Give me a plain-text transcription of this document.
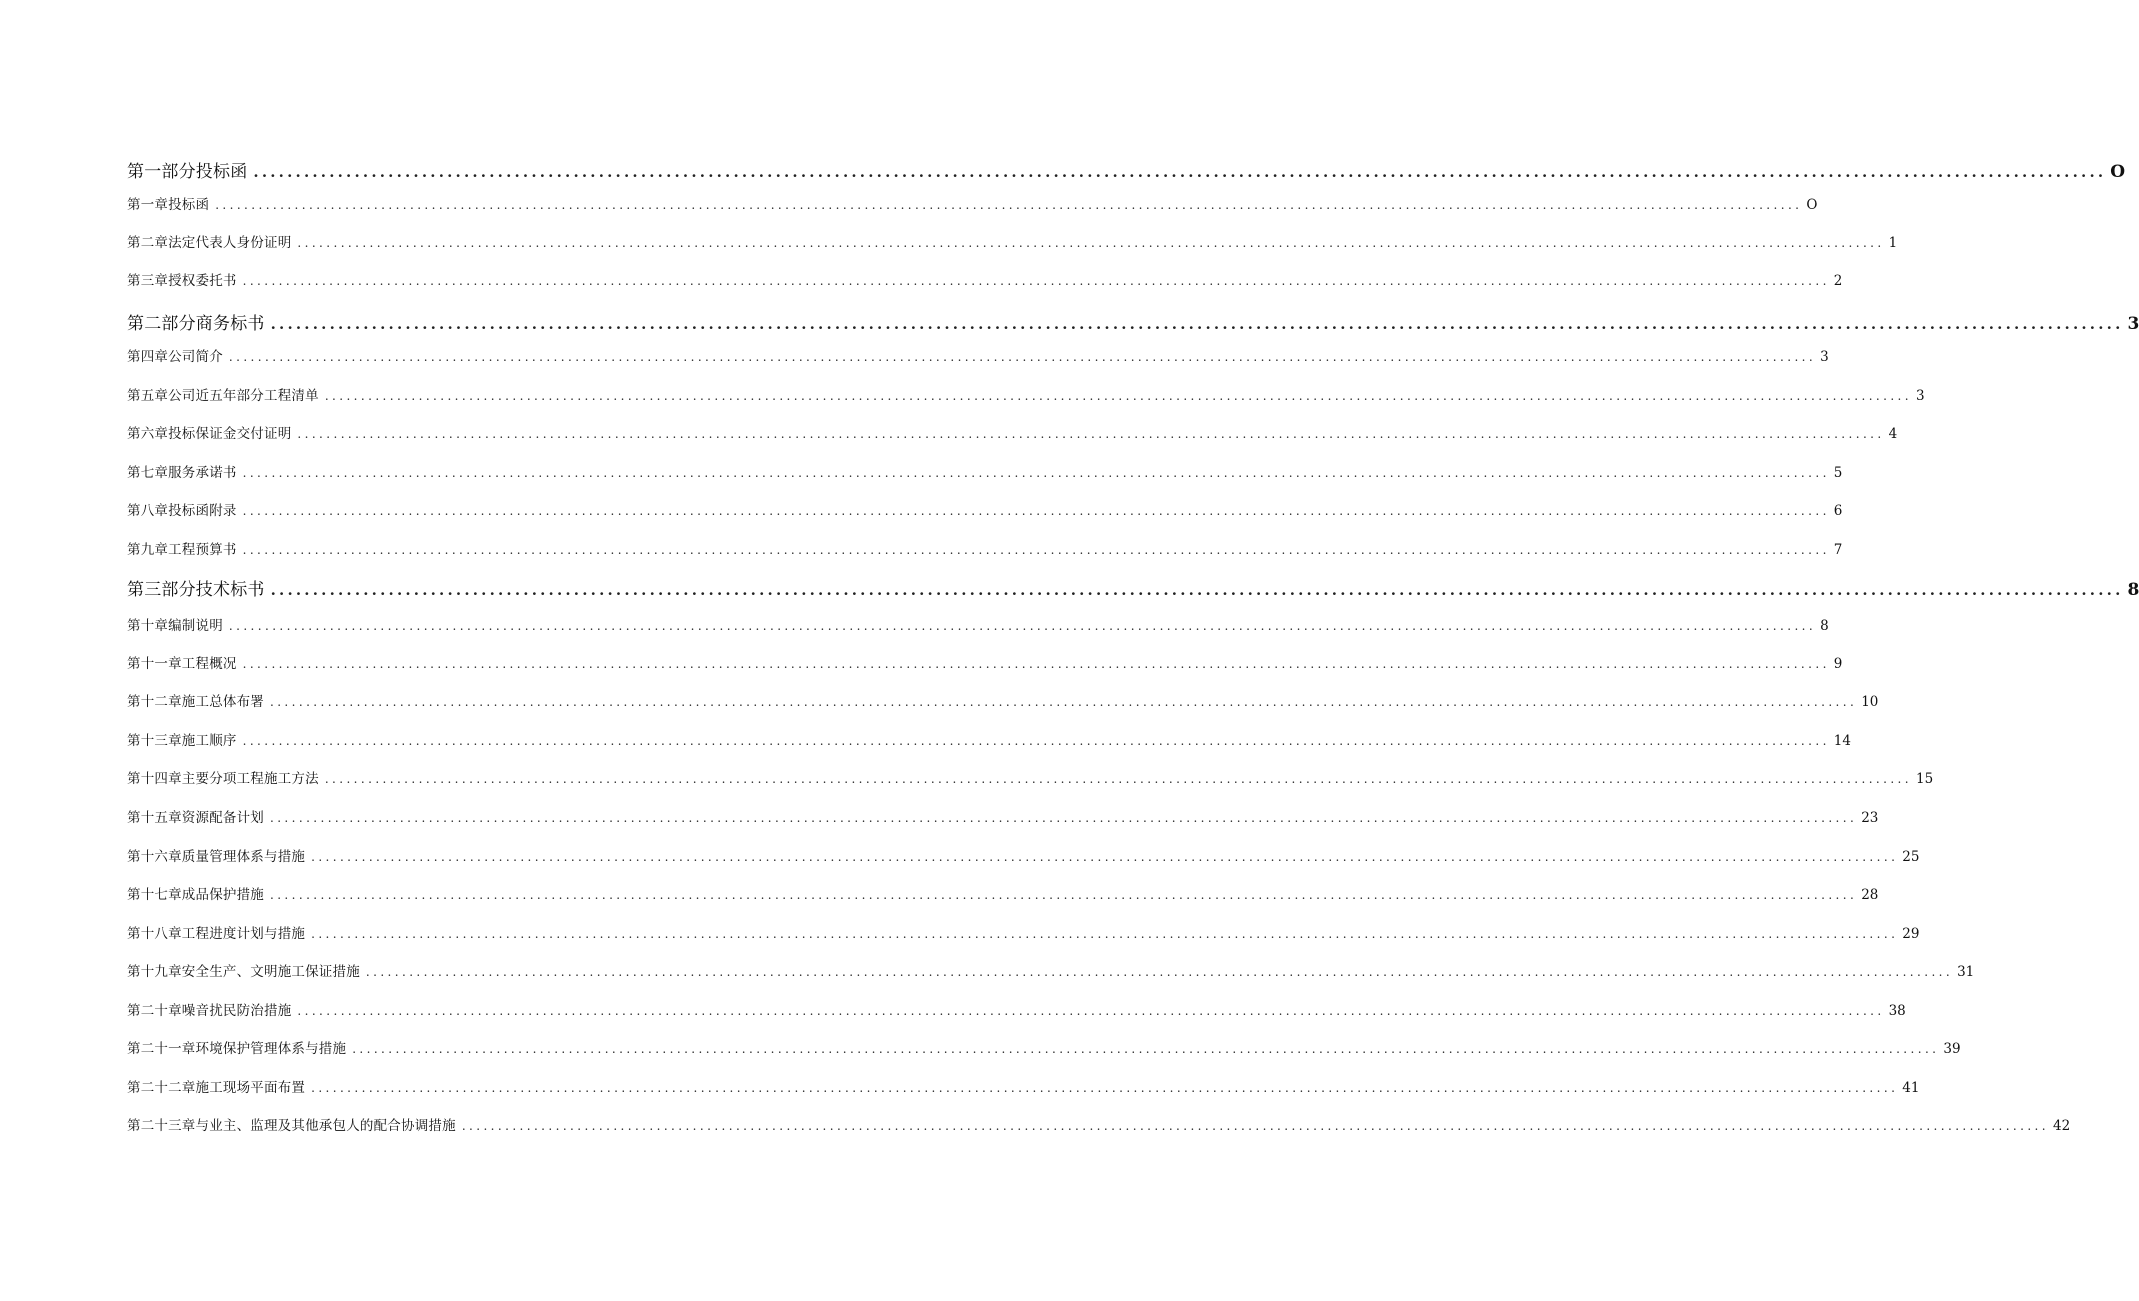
第一部分投标函 ............................................................................................................................................................................................................................ O
第一章投标函 ............................................................................................................................................................................................................................ O
第二章法定代表人身份证明 ............................................................................................................................................................................................................................ 1
第三章授权委托书 ............................................................................................................................................................................................................................ 2
第二部分商务标书 ............................................................................................................................................................................................................................ 3
第四章公司简介 ............................................................................................................................................................................................................................ 3
第五章公司近五年部分工程清单 ............................................................................................................................................................................................................................ 3
第六章投标保证金交付证明 ............................................................................................................................................................................................................................ 4
第七章服务承诺书 ............................................................................................................................................................................................................................ 5
第八章投标函附录 ............................................................................................................................................................................................................................ 6
第九章工程预算书 ............................................................................................................................................................................................................................ 7
第三部分技术标书 ............................................................................................................................................................................................................................ 8
第十章编制说明 ............................................................................................................................................................................................................................ 8
第十一章工程概况 ............................................................................................................................................................................................................................ 9
第十二章施工总体布署 ............................................................................................................................................................................................................................ 10
第十三章施工顺序 ............................................................................................................................................................................................................................ 14
第十四章主要分项工程施工方法 ............................................................................................................................................................................................................................ 15
第十五章资源配备计划 ............................................................................................................................................................................................................................ 23
第十六章质量管理体系与措施 ............................................................................................................................................................................................................................ 25
第十七章成品保护措施 ............................................................................................................................................................................................................................ 28
第十八章工程进度计划与措施 ............................................................................................................................................................................................................................ 29
第十九章安全生产、文明施工保证措施 ............................................................................................................................................................................................................................ 31
第二十章噪音扰民防治措施 ............................................................................................................................................................................................................................ 38
第二十一章环境保护管理体系与措施 ............................................................................................................................................................................................................................ 39
第二十二章施工现场平面布置 ............................................................................................................................................................................................................................ 41
第二十三章与业主、监理及其他承包人的配合协调措施 ............................................................................................................................................................................................................................ 42
